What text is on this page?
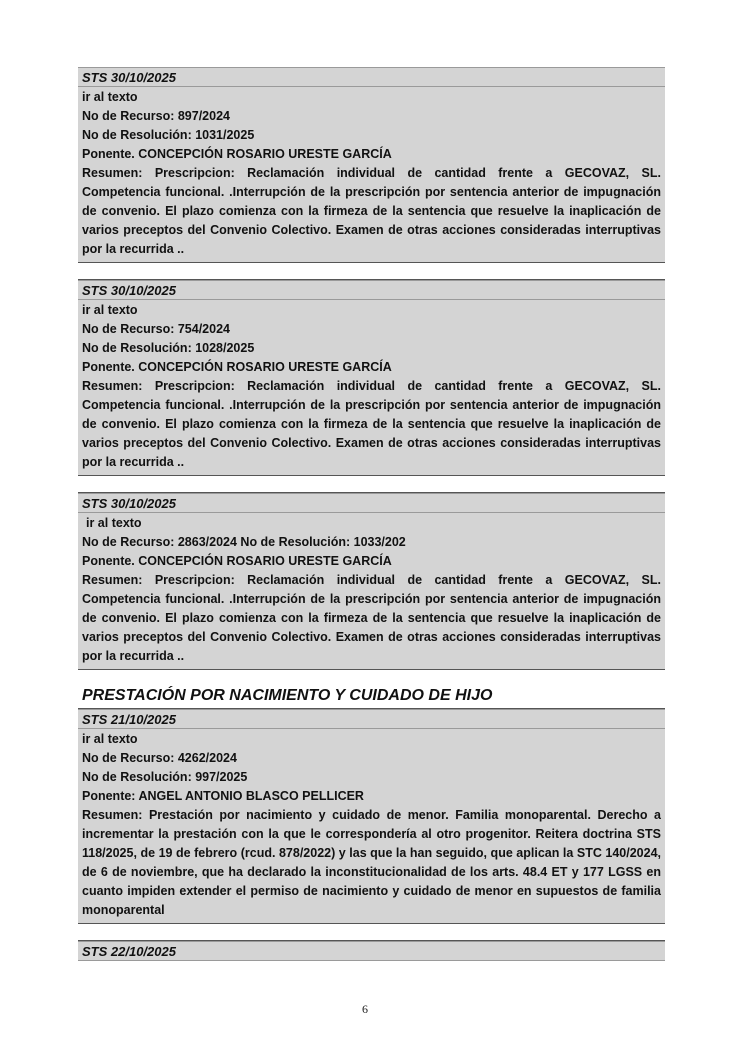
STS 30/10/2025
ir al texto
No de Recurso: 897/2024
No de Resolución: 1031/2025
Ponente. CONCEPCIÓN ROSARIO URESTE GARCÍA
Resumen: Prescripcion: Reclamación individual de cantidad frente a GECOVAZ, SL. Competencia funcional. .Interrupción de la prescripción por sentencia anterior de impugnación de convenio. El plazo comienza con la firmeza de la sentencia que resuelve la inaplicación de varios preceptos del Convenio Colectivo. Examen de otras acciones consideradas interruptivas por la recurrida ..
STS 30/10/2025
ir al texto
No de Recurso: 754/2024
No de Resolución: 1028/2025
Ponente. CONCEPCIÓN ROSARIO URESTE GARCÍA
Resumen: Prescripcion: Reclamación individual de cantidad frente a GECOVAZ, SL. Competencia funcional. .Interrupción de la prescripción por sentencia anterior de impugnación de convenio. El plazo comienza con la firmeza de la sentencia que resuelve la inaplicación de varios preceptos del Convenio Colectivo. Examen de otras acciones consideradas interruptivas por la recurrida ..
STS 30/10/2025
ir al texto
No de Recurso: 2863/2024 No de Resolución: 1033/202
Ponente. CONCEPCIÓN ROSARIO URESTE GARCÍA
Resumen: Prescripcion: Reclamación individual de cantidad frente a GECOVAZ, SL. Competencia funcional. .Interrupción de la prescripción por sentencia anterior de impugnación de convenio. El plazo comienza con la firmeza de la sentencia que resuelve la inaplicación de varios preceptos del Convenio Colectivo. Examen de otras acciones consideradas interruptivas por la recurrida ..
PRESTACIÓN POR NACIMIENTO Y CUIDADO DE HIJO
STS 21/10/2025
ir al texto
No de Recurso: 4262/2024
No de Resolución: 997/2025
Ponente: ANGEL ANTONIO BLASCO PELLICER
Resumen: Prestación por nacimiento y cuidado de menor. Familia monoparental. Derecho a incrementar la prestación con la que le correspondería al otro progenitor. Reitera doctrina STS 118/2025, de 19 de febrero (rcud. 878/2022) y las que la han seguido, que aplican la STC 140/2024, de 6 de noviembre, que ha declarado la inconstitucionalidad de los arts. 48.4 ET y 177 LGSS en cuanto impiden extender el permiso de nacimiento y cuidado de menor en supuestos de familia monoparental
STS 22/10/2025
6
